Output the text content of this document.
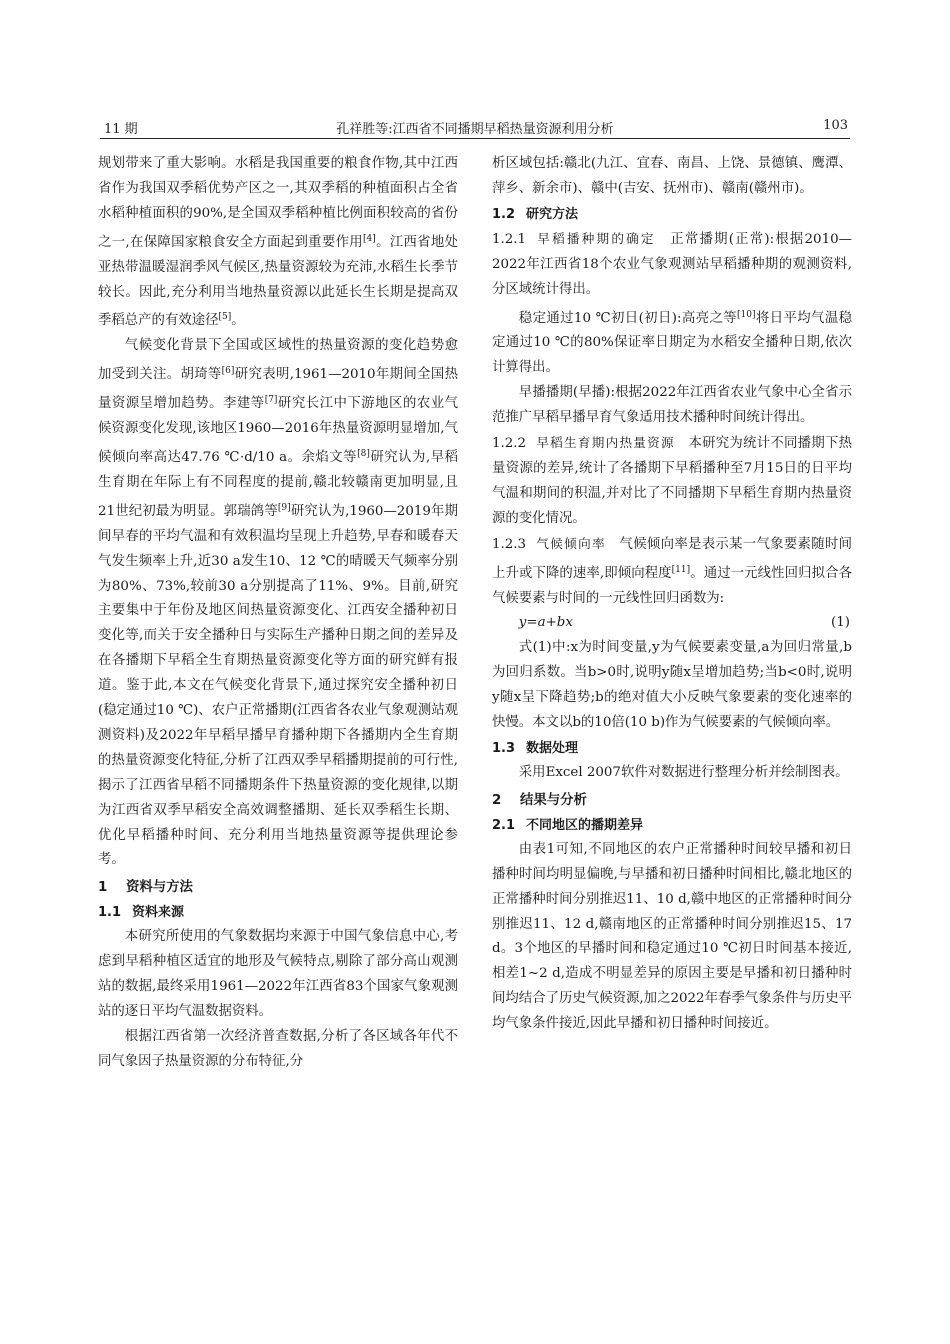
11 期	孔祥胜等:江西省不同播期早稻热量资源利用分析	103

规划带来了重大影响。水稻是我国重要的粮食作物,其中江西省作为我国双季稻优势产区之一,其双季稻的种植面积占全省水稻种植面积的90%,是全国双季稻种植比例面积较高的省份之一,在保障国家粮食安全方面起到重要作用[4]。江西省地处亚热带温暖湿润季风气候区,热量资源较为充沛,水稻生长季节较长。因此,充分利用当地热量资源以此延长生长期是提高双季稻总产的有效途径[5]。

气候变化背景下全国或区域性的热量资源的变化趋势愈加受到关注。胡琦等[6]研究表明,1961—2010年期间全国热量资源呈增加趋势。李建等[7]研究长江中下游地区的农业气候资源变化发现,该地区1960—2016年热量资源明显增加,气候倾向率高达47.76 ℃·d/10 a。余焰文等[8]研究认为,早稻生育期在年际上有不同程度的提前,赣北较赣南更加明显,且21世纪初最为明显。郭瑞鸽等[9]研究认为,1960—2019年期间早春的平均气温和有效积温均呈现上升趋势,早春和暖春天气发生频率上升,近30 a发生10、12 ℃的晴暖天气频率分别为80%、73%,较前30 a分别提高了11%、9%。目前,研究主要集中于年份及地区间热量资源变化、江西安全播种初日变化等,而关于安全播种日与实际生产播种日期之间的差异及在各播期下早稻全生育期热量资源变化等方面的研究鲜有报道。鉴于此,本文在气候变化背景下,通过探究安全播种初日(稳定通过10 ℃)、农户正常播期(江西省各农业气象观测站观测资料)及2022年早稻早播早育播种期下各播期内全生育期的热量资源变化特征,分析了江西双季早稻播期提前的可行性,揭示了江西省早稻不同播期条件下热量资源的变化规律,以期为江西省双季早稻安全高效调整播期、延长双季稻生长期、优化早稻播种时间、充分利用当地热量资源等提供理论参考。

1 资料与方法
1.1 资料来源

本研究所使用的气象数据均来源于中国气象信息中心,考虑到早稻种植区适宜的地形及气候特点,剔除了部分高山观测站的数据,最终采用1961—2022年江西省83个国家气象观测站的逐日平均气温数据资料。

根据江西省第一次经济普查数据,分析了各区域各年代不同气象因子热量资源的分布特征,分

析区域包括:赣北(九江、宜春、南昌、上饶、景德镇、鹰潭、萍乡、新余市)、赣中(吉安、抚州市)、赣南(赣州市)。

1.2 研究方法

1.2.1 早稻播种期的确定  正常播期(正常):根据2010—2022年江西省18个农业气象观测站早稻播种期的观测资料,分区域统计得出。

稳定通过10 ℃初日(初日):高亮之等[10]将日平均气温稳定通过10 ℃的80%保证率日期定为水稻安全播种日期,依次计算得出。

早播播期(早播):根据2022年江西省农业气象中心全省示范推广早稻早播早育气象适用技术播种时间统计得出。

1.2.2 早稻生育期内热量资源  本研究为统计不同播期下热量资源的差异,统计了各播期下早稻播种至7月15日的日平均气温和期间的积温,并对比了不同播期下早稻生育期内热量资源的变化情况。

1.2.3 气候倾向率  气候倾向率是表示某一气象要素随时间上升或下降的速率,即倾向程度[11]。通过一元线性回归拟合各气候要素与时间的一元线性回归函数为:

y=a+bx	(1)

式(1)中:x为时间变量,y为气候要素变量,a为回归常量,b为回归系数。当b>0时,说明y随x呈增加趋势;当b<0时,说明y随x呈下降趋势;b的绝对值大小反映气象要素的变化速率的快慢。本文以b的10倍(10 b)作为气候要素的气候倾向率。

1.3 数据处理

采用Excel 2007软件对数据进行整理分析并绘制图表。

2 结果与分析
2.1 不同地区的播期差异

由表1可知,不同地区的农户正常播种时间较早播和初日播种时间均明显偏晚,与早播和初日播种时间相比,赣北地区的正常播种时间分别推迟11、10 d,赣中地区的正常播种时间分别推迟11、12 d,赣南地区的正常播种时间分别推迟15、17 d。3个地区的早播时间和稳定通过10 ℃初日时间基本接近,相差1~2 d,造成不明显差异的原因主要是早播和初日播种时间均结合了历史气候资源,加之2022年春季气象条件与历史平均气象条件接近,因此早播和初日播种时间接近。
